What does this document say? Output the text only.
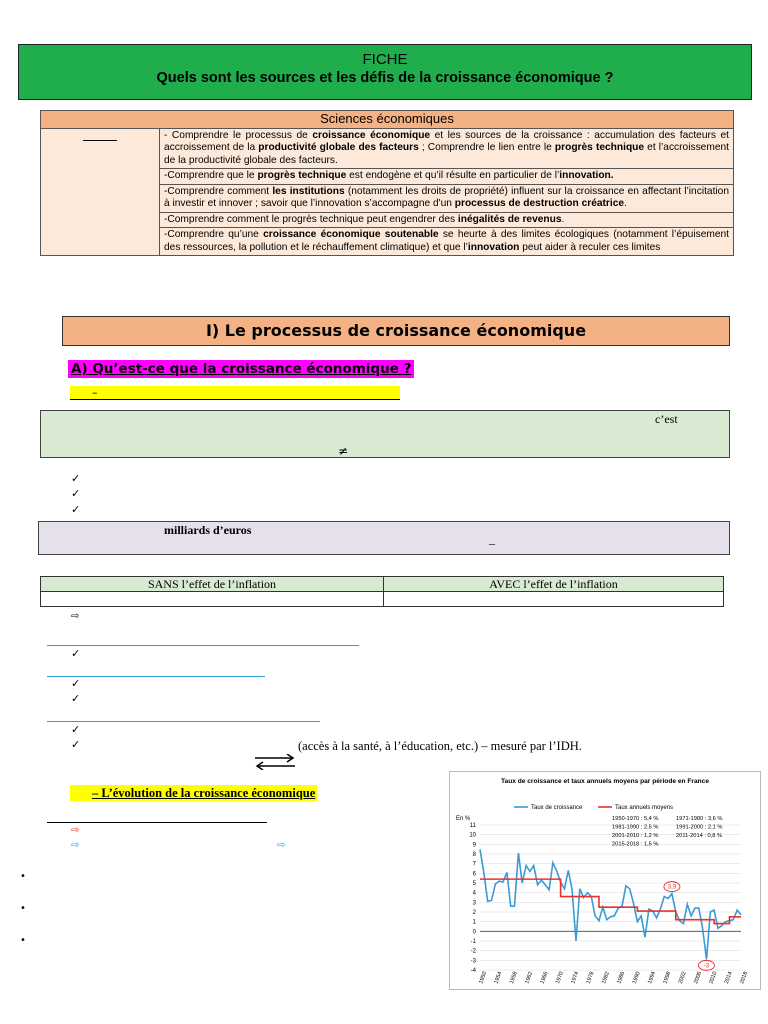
FICHE
Quels sont les sources et les défis de la croissance économique ?
Sciences économiques
	- Comprendre le processus de croissance économique et les sources de la croissance : accumulation des facteurs et accroissement de la productivité globale des facteurs ; Comprendre le lien entre le progrès technique et l’accroissement de la productivité globale des facteurs.
-Comprendre que le progrès technique est endogène et qu’il résulte en particulier de l’innovation.
-Comprendre comment les institutions (notamment les droits de propriété) influent sur la croissance en affectant l’incitation à investir et innover ; savoir que l’innovation s’accompagne d'un processus de destruction créatrice.
-Comprendre comment le progrès technique peut engendrer des inégalités de revenus.
-Comprendre qu’une croissance économique soutenable se heurte à des limites écologiques (notamment l’épuisement des ressources, la pollution et le réchauffement climatique) et que l’innovation peut aider à reculer ces limites
I) Le processus de croissance économique
A) Qu’est-ce que la croissance économique ?
–
c’est
≠
✓
✓
✓
milliards d’euros
–
SANS l’effet de l’inflation	AVEC l’effet de l’inflation

⇨
✓
✓
✓
✓
✓	(accès à la santé, à l’éducation, etc.) – mesuré par l’IDH.
– L’évolution de la croissance économique
⇨
⇨	⇨
•
•
•
Taux de croissance et taux annuels moyens par période en France
En %
-4
-3
-2
-1
0
1
2
3
4
5
6
7
8
9
10
11
1950 1954 1958 1962 1966 1970 1974 1978 1982 1986 1990 1994 1998 2002 2006 2010 2014 2018
3,9
-3
Taux de croissance	Taux annuels moyens
1950-1970 : 5,4 %	1971-1980 : 3,6 %
1981-1990 : 2,5 %	1991-2000 : 2,1 %
2001-2010 : 1,2 %	2011-2014 : 0,8 %
2015-2018 : 1,5 %
